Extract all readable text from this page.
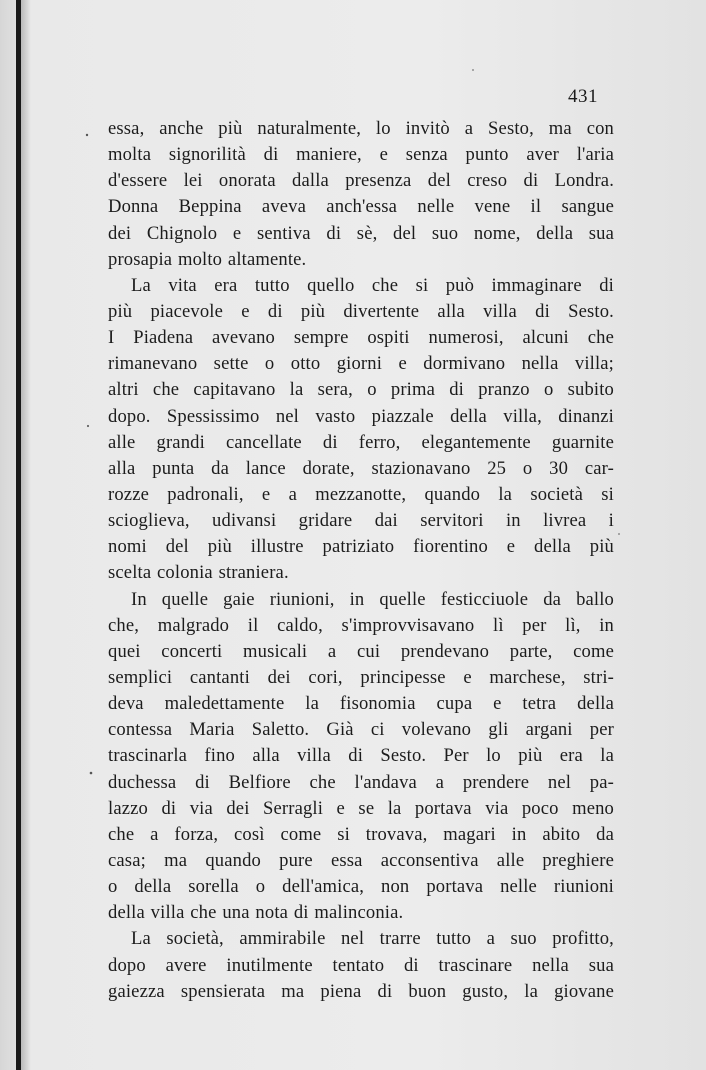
431
essa, anche più naturalmente, lo invitò a Sesto, ma con
molta signorilità di maniere, e senza punto aver l'aria
d'essere lei onorata dalla presenza del creso di Londra.
Donna Beppina aveva anch'essa nelle vene il sangue
dei Chignolo e sentiva di sè, del suo nome, della sua
prosapia molto altamente.
La vita era tutto quello che si può immaginare di
più piacevole e di più divertente alla villa di Sesto.
I Piadena avevano sempre ospiti numerosi, alcuni che
rimanevano sette o otto giorni e dormivano nella villa;
altri che capitavano la sera, o prima di pranzo o subito
dopo. Spessissimo nel vasto piazzale della villa, dinanzi
alle grandi cancellate di ferro, elegantemente guarnite
alla punta da lance dorate, stazionavano 25 o 30 car-
rozze padronali, e a mezzanotte, quando la società si
scioglieva, udivansi gridare dai servitori in livrea i
nomi del più illustre patriziato fiorentino e della più
scelta colonia straniera.
In quelle gaie riunioni, in quelle festicciuole da ballo
che, malgrado il caldo, s'improvvisavano lì per lì, in
quei concerti musicali a cui prendevano parte, come
semplici cantanti dei cori, principesse e marchese, stri-
deva maledettamente la fisonomia cupa e tetra della
contessa Maria Saletto. Già ci volevano gli argani per
trascinarla fino alla villa di Sesto. Per lo più era la
duchessa di Belfiore che l'andava a prendere nel pa-
lazzo di via dei Serragli e se la portava via poco meno
che a forza, così come si trovava, magari in abito da
casa; ma quando pure essa acconsentiva alle preghiere
o della sorella o dell'amica, non portava nelle riunioni
della villa che una nota di malinconia.
La società, ammirabile nel trarre tutto a suo profitto,
dopo avere inutilmente tentato di trascinare nella sua
gaiezza spensierata ma piena di buon gusto, la giovane
